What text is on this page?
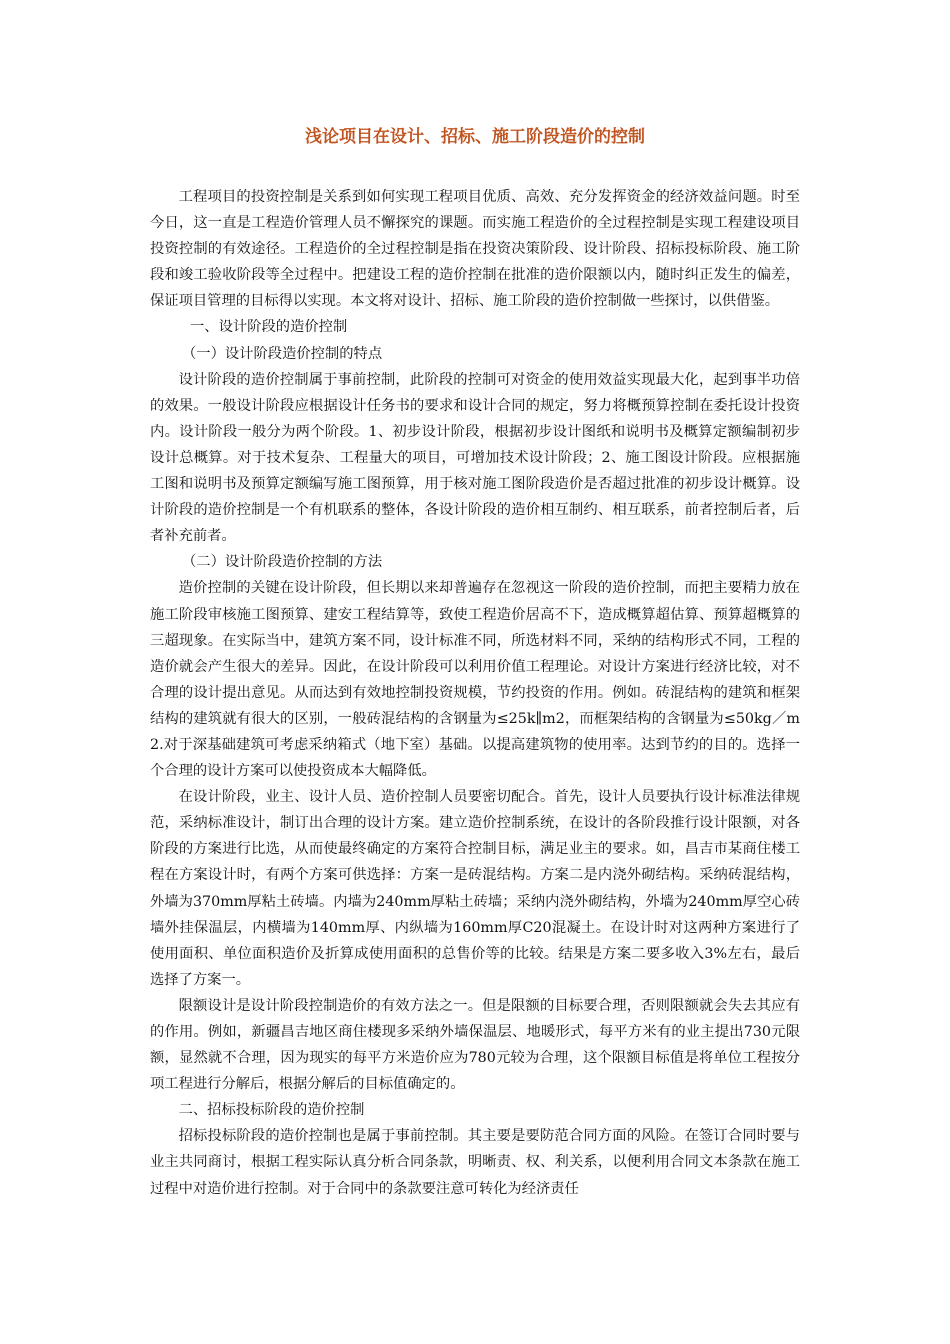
浅论项目在设计、招标、施工阶段造价的控制

工程项目的投资控制是关系到如何实现工程项目优质、高效、充分发挥资金的经济效益问题。时至今日，这一直是工程造价管理人员不懈探究的课题。而实施工程造价的全过程控制是实现工程建设项目投资控制的有效途径。工程造价的全过程控制是指在投资决策阶段、设计阶段、招标投标阶段、施工阶段和竣工验收阶段等全过程中。把建设工程的造价控制在批准的造价限额以内，随时纠正发生的偏差，保证项目管理的目标得以实现。本文将对设计、招标、施工阶段的造价控制做一些探讨，以供借鉴。

一、设计阶段的造价控制

（一）设计阶段造价控制的特点

设计阶段的造价控制属于事前控制，此阶段的控制可对资金的使用效益实现最大化，起到事半功倍的效果。一般设计阶段应根据设计任务书的要求和设计合同的规定，努力将概预算控制在委托设计投资内。设计阶段一般分为两个阶段。1、初步设计阶段，根据初步设计图纸和说明书及概算定额编制初步设计总概算。对于技术复杂、工程量大的项目，可增加技术设计阶段；2、施工图设计阶段。应根据施工图和说明书及预算定额编写施工图预算，用于核对施工图阶段造价是否超过批准的初步设计概算。设计阶段的造价控制是一个有机联系的整体，各设计阶段的造价相互制约、相互联系，前者控制后者，后者补充前者。

（二）设计阶段造价控制的方法

造价控制的关键在设计阶段，但长期以来却普遍存在忽视这一阶段的造价控制，而把主要精力放在施工阶段审核施工图预算、建安工程结算等，致使工程造价居高不下，造成概算超估算、预算超概算的三超现象。在实际当中，建筑方案不同，设计标准不同，所选材料不同，采纳的结构形式不同，工程的造价就会产生很大的差异。因此，在设计阶段可以利用价值工程理论。对设计方案进行经济比较，对不合理的设计提出意见。从而达到有效地控制投资规模，节约投资的作用。例如。砖混结构的建筑和框架结构的建筑就有很大的区别，一般砖混结构的含钢量为≤25k∥m2，而框架结构的含钢量为≤50kg／m2.对于深基础建筑可考虑采纳箱式（地下室）基础。以提高建筑物的使用率。达到节约的目的。选择一个合理的设计方案可以使投资成本大幅降低。

在设计阶段，业主、设计人员、造价控制人员要密切配合。首先，设计人员要执行设计标准法律规范，采纳标准设计，制订出合理的设计方案。建立造价控制系统，在设计的各阶段推行设计限额，对各阶段的方案进行比选，从而使最终确定的方案符合控制目标，满足业主的要求。如，昌吉市某商住楼工程在方案设计时，有两个方案可供选择：方案一是砖混结构。方案二是内浇外砌结构。采纳砖混结构，外墙为370mm厚粘土砖墙。内墙为240mm厚粘土砖墙；采纳内浇外砌结构，外墙为240mm厚空心砖墙外挂保温层，内横墙为140mm厚、内纵墙为160mm厚C20混凝土。在设计时对这两种方案进行了使用面积、单位面积造价及折算成使用面积的总售价等的比较。结果是方案二要多收入3%左右，最后选择了方案一。

限额设计是设计阶段控制造价的有效方法之一。但是限额的目标要合理，否则限额就会失去其应有的作用。例如，新疆昌吉地区商住楼现多采纳外墙保温层、地暖形式，每平方米有的业主提出730元限额，显然就不合理，因为现实的每平方米造价应为780元较为合理，这个限额目标值是将单位工程按分项工程进行分解后，根据分解后的目标值确定的。

二、招标投标阶段的造价控制

招标投标阶段的造价控制也是属于事前控制。其主要是要防范合同方面的风险。在签订合同时要与业主共同商讨，根据工程实际认真分析合同条款，明晰责、权、利关系，以便利用合同文本条款在施工过程中对造价进行控制。对于合同中的条款要注意可转化为经济责任
